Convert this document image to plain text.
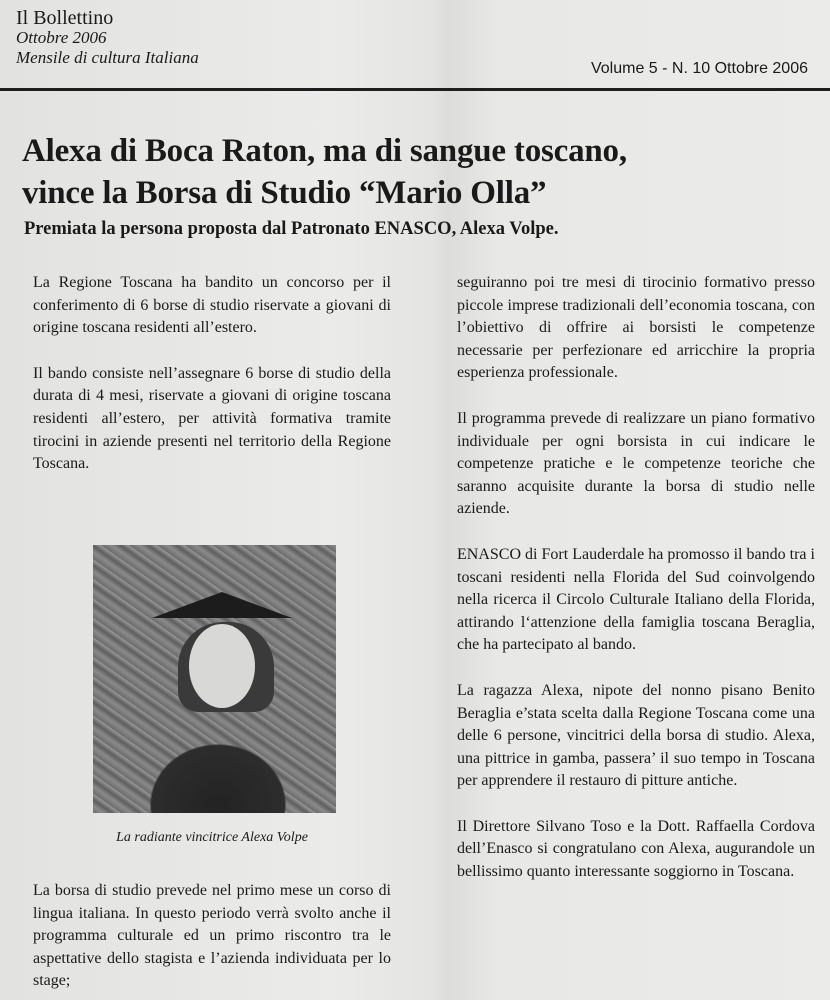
Il Bollettino
Ottobre 2006
Mensile di cultura Italiana
Volume 5 - N. 10 Ottobre 2006
Alexa di Boca Raton, ma di sangue toscano,
vince la Borsa di Studio “Mario Olla”
Premiata la persona proposta dal Patronato ENASCO, Alexa Volpe.

La Regione Toscana ha bandito un concorso per il conferimento di 6 borse di studio riservate a giovani di origine toscana residenti all’estero.

Il bando consiste nell’assegnare 6 borse di studio della durata di 4 mesi, riservate a giovani di origine toscana residenti all’estero, per attività formativa tramite tirocini in aziende presenti nel territorio della Regione Toscana.

La radiante vincitrice Alexa Volpe

La borsa di studio prevede nel primo mese un corso di lingua italiana. In questo periodo verrà svolto anche il programma culturale ed un primo riscontro tra le aspettative dello stagista e l’azienda individuata per lo stage;

seguiranno poi tre mesi di tirocinio formativo presso piccole imprese tradizionali dell’economia toscana, con l’obiettivo di offrire ai borsisti le competenze necessarie per perfezionare ed arricchire la propria esperienza professionale.

Il programma prevede di realizzare un piano formativo individuale per ogni borsista in cui indicare le competenze pratiche e le competenze teoriche che saranno acquisite durante la borsa di studio nelle aziende.

ENASCO di Fort Lauderdale ha promosso il bando tra i toscani residenti nella Florida del Sud coinvolgendo nella ricerca il Circolo Culturale Italiano della Florida, attirando l‘attenzione della famiglia toscana Beraglia, che ha partecipato al bando.

La ragazza Alexa, nipote del nonno pisano Benito Beraglia e’stata scelta dalla Regione Toscana come una delle 6 persone, vincitrici della borsa di studio. Alexa, una pittrice in gamba, passera’ il suo tempo in Toscana per apprendere il restauro di pitture antiche.

Il Direttore Silvano Toso e la Dott. Raffaella Cordova dell’Enasco si congratulano con Alexa, augurandole un bellissimo quanto interessante soggiorno in Toscana.
